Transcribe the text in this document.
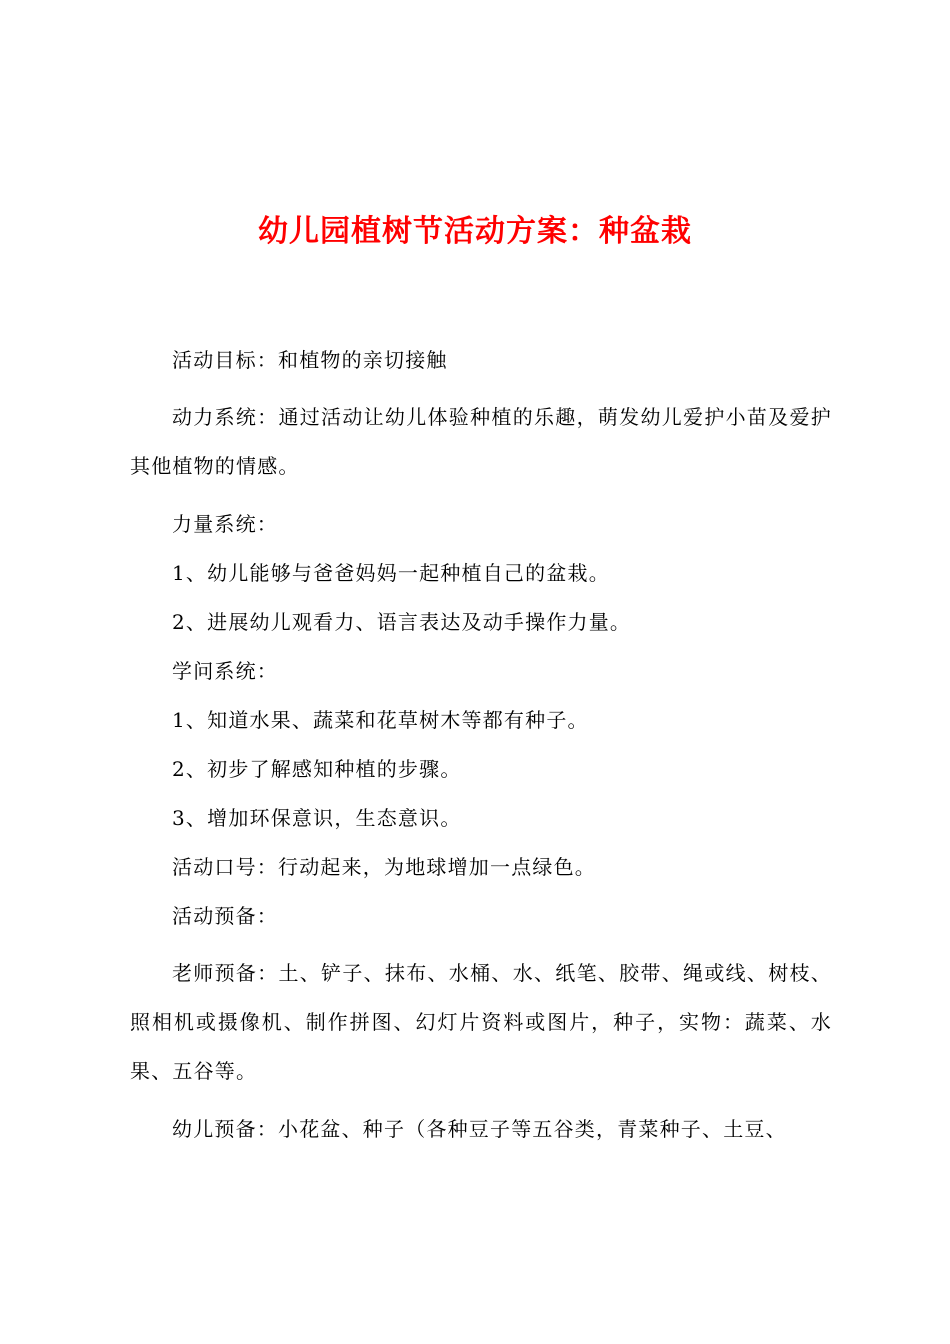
幼儿园植树节活动方案：种盆栽

活动目标：和植物的亲切接触

动力系统：通过活动让幼儿体验种植的乐趣，萌发幼儿爱护小苗及爱护其他植物的情感。

力量系统：

1、幼儿能够与爸爸妈妈一起种植自己的盆栽。

2、进展幼儿观看力、语言表达及动手操作力量。

学问系统：

1、知道水果、蔬菜和花草树木等都有种子。

2、初步了解感知种植的步骤。

3、增加环保意识，生态意识。

活动口号：行动起来，为地球增加一点绿色。

活动预备：

老师预备：土、铲子、抹布、水桶、水、纸笔、胶带、绳或线、树枝、照相机或摄像机、制作拼图、幻灯片资料或图片，种子，实物：蔬菜、水果、五谷等。

幼儿预备：小花盆、种子（各种豆子等五谷类，青菜种子、土豆、
